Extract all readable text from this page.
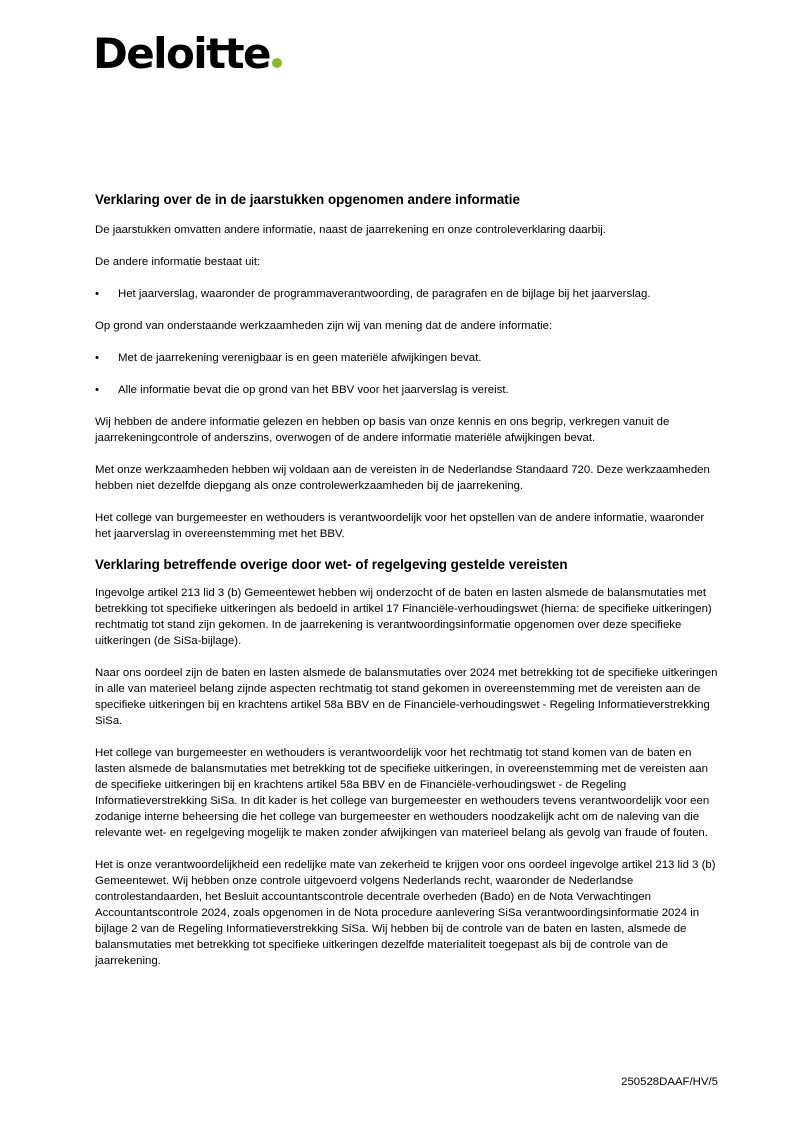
Deloitte
Verklaring over de in de jaarstukken opgenomen andere informatie

De jaarstukken omvatten andere informatie, naast de jaarrekening en onze controleverklaring daarbij.

De andere informatie bestaat uit:

• Het jaarverslag, waaronder de programmaverantwoording, de paragrafen en de bijlage bij het jaarverslag.

Op grond van onderstaande werkzaamheden zijn wij van mening dat de andere informatie:

• Met de jaarrekening verenigbaar is en geen materiële afwijkingen bevat.
• Alle informatie bevat die op grond van het BBV voor het jaarverslag is vereist.

Wij hebben de andere informatie gelezen en hebben op basis van onze kennis en ons begrip, verkregen vanuit de jaarrekeningcontrole of anderszins, overwogen of de andere informatie materiële afwijkingen bevat.

Met onze werkzaamheden hebben wij voldaan aan de vereisten in de Nederlandse Standaard 720. Deze werkzaamheden hebben niet dezelfde diepgang als onze controlewerkzaamheden bij de jaarrekening.

Het college van burgemeester en wethouders is verantwoordelijk voor het opstellen van de andere informatie, waaronder het jaarverslag in overeenstemming met het BBV.

Verklaring betreffende overige door wet- of regelgeving gestelde vereisten

Ingevolge artikel 213 lid 3 (b) Gemeentewet hebben wij onderzocht of de baten en lasten alsmede de balansmutaties met betrekking tot specifieke uitkeringen als bedoeld in artikel 17 Financiële-verhoudingswet (hierna: de specifieke uitkeringen) rechtmatig tot stand zijn gekomen. In de jaarrekening is verantwoordingsinformatie opgenomen over deze specifieke uitkeringen (de SiSa-bijlage).

Naar ons oordeel zijn de baten en lasten alsmede de balansmutaties over 2024 met betrekking tot de specifieke uitkeringen in alle van materieel belang zijnde aspecten rechtmatig tot stand gekomen in overeenstemming met de vereisten aan de specifieke uitkeringen bij en krachtens artikel 58a BBV en de Financiële-verhoudingswet - Regeling Informatieverstrekking SiSa.

Het college van burgemeester en wethouders is verantwoordelijk voor het rechtmatig tot stand komen van de baten en lasten alsmede de balansmutaties met betrekking tot de specifieke uitkeringen, in overeenstemming met de vereisten aan de specifieke uitkeringen bij en krachtens artikel 58a BBV en de Financiële-verhoudingswet - de Regeling Informatieverstrekking SiSa. In dit kader is het college van burgemeester en wethouders tevens verantwoordelijk voor een zodanige interne beheersing die het college van burgemeester en wethouders noodzakelijk acht om de naleving van die relevante wet- en regelgeving mogelijk te maken zonder afwijkingen van materieel belang als gevolg van fraude of fouten.

Het is onze verantwoordelijkheid een redelijke mate van zekerheid te krijgen voor ons oordeel ingevolge artikel 213 lid 3 (b) Gemeentewet. Wij hebben onze controle uitgevoerd volgens Nederlands recht, waaronder de Nederlandse controlestandaarden, het Besluit accountantscontrole decentrale overheden (Bado) en de Nota Verwachtingen Accountantscontrole 2024, zoals opgenomen in de Nota procedure aanlevering SiSa verantwoordingsinformatie 2024 in bijlage 2 van de Regeling Informatieverstrekking SiSa. Wij hebben bij de controle van de baten en lasten, alsmede de balansmutaties met betrekking tot specifieke uitkeringen dezelfde materialiteit toegepast als bij de controle van de jaarrekening.

250528DAAF/HV/5
